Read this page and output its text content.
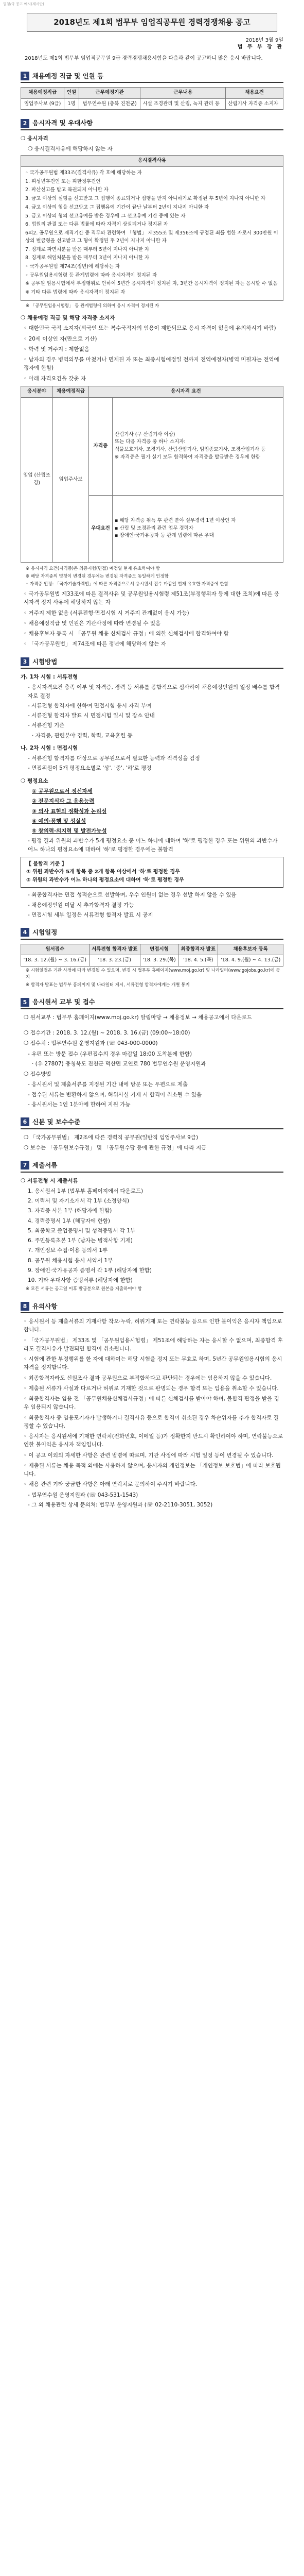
별첨/국 공고 예시(제시안)
2018년도 제1회 법무부 임업직공무원 경력경쟁채용 공고
2018년 3월 9일
법 무 부 장 관

2018년도 제1회 법무부 임업직공무원 9급 경력경쟁채용시험을 다음과 같이 공고하니 많은 응시 바랍니다.

1 채용예정 직급 및 인원 등
채용예정직급	인원	근무예정기관	근무내용	채용요건
임업주사보 (9급)	1명	법무연수원 (충북 진천군)	시설 조경관리 및 산림, 녹지 관리 등	산림기사 자격증 소지자
2 응시자격 및 우대사항
❍ 응시자격
❍ 응시결격사유에 해당하지 않는 자
응시결격사유

◦ 국가공무원법 제33조(결격사유) 각 호에 해당하는 자

1. 피성년후견인 또는 피한정후견인

2. 파산선고를 받고 복권되지 아니한 자

3. 금고 이상의 실형을 선고받고 그 집행이 종료되거나 집행을 받지 아니하기로 확정된 후 5년이 지나지 아니한 자

4. 금고 이상의 형을 선고받고 그 집행유예 기간이 끝난 날부터 2년이 지나지 아니한 자

5. 금고 이상의 형의 선고유예를 받은 경우에 그 선고유예 기간 중에 있는 자

6. 법원의 판결 또는 다른 법률에 따라 자격이 상실되거나 정지된 자

6의2. 공무원으로 재직기간 중 직무와 관련하여 「형법」 제355조 및 제356조에 규정된 죄를 범한 자로서 300만원 이상의 벌금형을 선고받고 그 형이 확정된 후 2년이 지나지 아니한 자

7. 징계로 파면처분을 받은 때부터 5년이 지나지 아니한 자

8. 징계로 해임처분을 받은 때부터 3년이 지나지 아니한 자

◦ 국가공무원법 제74조(정년)에 해당하는 자

◦ 공무원임용시험령 등 관계법령에 따라 응시자격이 정지된 자

※ 공무원 임용시험에서 부정행위로 인하여 5년간 응시자격이 정지된 자, 3년간 응시자격이 정지된 자는 응시할 수 없음

※ 기타 다른 법령에 따라 응시자격이 정지된 자

※ 「공무원임용시험령」 등 관계법령에 의하여 응시 자격이 정지된 자
❍ 채용예정 직급 및 해당 자격증 소지자
◦ 대한민국 국적 소지자(외국인 또는 복수국적자의 임용이 제한되므로 응시 자격이 없음에 유의하시기 바람)
◦ 20세 이상인 자(만으로 기산)
◦ 학력 및 거주지 : 제한없음
◦ 남자의 경우 병역의무를 마쳤거나 면제된 자 또는 최종시험예정일 전까지 전역예정자(병역 미필자는 전역예정자에 한함)
◦ 아래 자격요건을 갖춘 자
응시분야	채용예정직급	응시자격 요건	
임업 (산림조경)	임업주사보	자격증	산림기사 (구 산림기사 이상)
또는 다음 자격증 중 하나 소지자:
식물보호기사, 조경기사, 산림산업기사, 임업종묘기사, 조경산업기사 등
※ 자격증은 필기·실기 모두 합격하여 자격증을 발급받은 경우에 한함
		우대요건	▪ 해당 자격증 취득 후 관련 분야 실무경력 1년 이상인 자
▪ 산림 및 조경관리 관련 업무 경력자
▪ 장애인·국가유공자 등 관계 법령에 따른 우대
※ 응시자격 요건(자격증)은 최종시험(면접) 예정일 현재 유효하여야 함
※ 해당 자격증의 명칭이 변경된 경우에는 변경된 자격증도 동일하게 인정함
◦ 자격증 인정: 「국가기술자격법」에 따른 자격증으로서 응시원서 접수 마감일 현재 유효한 자격증에 한함
◦ 국가공무원법 제33조에 따른 결격사유 및 공무원임용시험령 제51조(부정행위자 등에 대한 조치)에 따른 응시자격 정지 사유에 해당하지 않는 자
◦ 거주지 제한 없음 (서류전형·면접시험 시 거주지 관계없이 응시 가능)
◦ 채용예정직급 및 인원은 기관사정에 따라 변경될 수 있음
◦ 채용후보자 등록 시 「공무원 채용 신체검사 규정」에 의한 신체검사에 합격하여야 함
◦ 「국가공무원법」 제74조에 따른 정년에 해당하지 않는 자
3 시험방법
가. 1차 시험 : 서류전형
- 응시자격요건 충족 여부 및 자격증, 경력 등 서류를 종합적으로 심사하여 채용예정인원의 일정 배수를 합격자로 결정
- 서류전형 합격자에 한하여 면접시험 응시 자격 부여
- 서류전형 합격자 발표 시 면접시험 일시 및 장소 안내
- 서류전형 기준
· 자격증, 관련분야 경력, 학력, 교육훈련 등
나. 2차 시험 : 면접시험
- 서류전형 합격자를 대상으로 공무원으로서 필요한 능력과 적격성을 검정
- 면접위원이 5개 평정요소별로 '상', '중', '하'로 평정
❍ 평정요소
① 공무원으로서 정신자세
② 전문지식과 그 응용능력
③ 의사 표현의 정확성과 논리성
④ 예의·품행 및 성실성
⑤ 창의력·의지력 및 발전가능성
- 평정 결과 위원의 과반수가 5개 평정요소 중 어느 하나에 대하여 '하'로 평정한 경우 또는 위원의 과반수가 어느 하나의 평정요소에 대하여 '하'로 평정한 경우에는 불합격
【 불합격 기준 】
① 위원 과반수가 5개 항목 중 2개 항목 이상에서 '하'로 평정한 경우
② 위원의 과반수가 어느 하나의 평정요소에 대하여 '하'로 평정한 경우
- 최종합격자는 면접 성적순으로 선발하며, 우수 인원이 없는 경우 선발 하지 않을 수 있음
- 채용예정인원 미달 시 추가합격자 결정 가능
- 면접시험 세부 일정은 서류전형 합격자 발표 시 공지
4 시험일정
원서접수	서류전형 합격자 발표	면접시험	최종합격자 발표	채용후보자 등록
'18. 3. 12.(월) ~ 3. 16.(금)	'18. 3. 23.(금)	'18. 3. 29.(목)	'18. 4. 5.(목)	'18. 4. 9.(월) ~ 4. 13.(금)
※ 시험일정은 기관 사정에 따라 변경될 수 있으며, 변경 시 법무부 홈페이지(www.moj.go.kr) 및 나라일터(www.gojobs.go.kr)에 공지
※ 합격자 발표는 법무부 홈페이지 및 나라일터 게시, 서류전형 합격자에게는 개별 통지
5 응시원서 교부 및 접수
❍ 원서교부 : 법무부 홈페이지(www.moj.go.kr) 알림마당 → 채용정보 → 채용공고에서 다운로드
❍ 접수기간 : 2018. 3. 12.(월) ~ 2018. 3. 16.(금) (09:00~18:00)
❍ 접수처 : 법무연수원 운영지원과 (☏ 043-000-0000)
- 우편 또는 방문 접수 (우편접수의 경우 마감일 18:00 도착분에 한함)
· (우 27807) 충청북도 진천군 덕산면 교연로 780 법무연수원 운영지원과
❍ 접수방법
- 응시원서 및 제출서류를 지정된 기간 내에 방문 또는 우편으로 제출
- 접수된 서류는 반환하지 않으며, 허위사실 기재 시 합격이 취소될 수 있음
- 응시원서는 1인 1분야에 한하여 지원 가능
6 신분 및 보수수준
❍ 「국가공무원법」 제2조에 따른 경력직 공무원(일반직 임업주사보 9급)
❍ 보수는 「공무원보수규정」 및 「공무원수당 등에 관한 규정」에 따라 지급
7 제출서류
❍ 서류전형 시 제출서류
1. 응시원서 1부 (법무부 홈페이지에서 다운로드)
2. 이력서 및 자기소개서 각 1부 (소정양식)
3. 자격증 사본 1부 (해당자에 한함)
4. 경력증명서 1부 (해당자에 한함)
5. 최종학교 졸업증명서 및 성적증명서 각 1부
6. 주민등록초본 1부 (남자는 병적사항 기재)
7. 개인정보 수집·이용 동의서 1부
8. 공무원 채용시험 응시 서약서 1부
9. 장애인·국가유공자 증명서 각 1부 (해당자에 한함)
10. 기타 우대사항 증빙서류 (해당자에 한함)
※ 모든 서류는 공고일 이후 발급분으로 원본을 제출하여야 함
8 유의사항
◦ 응시원서 등 제출서류의 기재사항 착오·누락, 허위기재 또는 연락불능 등으로 인한 불이익은 응시자 책임으로 합니다.
◦ 「국가공무원법」 제33조 및 「공무원임용시험령」 제51조에 해당하는 자는 응시할 수 없으며, 최종합격 후라도 결격사유가 발견되면 합격이 취소됩니다.
◦ 시험에 관한 부정행위를 한 자에 대하여는 해당 시험을 정지 또는 무효로 하며, 5년간 공무원임용시험의 응시자격을 정지합니다.
◦ 최종합격자라도 신원조사 결과 공무원으로 부적합하다고 판단되는 경우에는 임용하지 않을 수 있습니다.
◦ 제출된 서류가 사실과 다르거나 허위로 기재한 것으로 판명되는 경우 합격 또는 임용을 취소할 수 있습니다.
◦ 최종합격자는 임용 전 「공무원채용신체검사규정」에 따른 신체검사를 받아야 하며, 불합격 판정을 받을 경우 임용되지 않습니다.
◦ 최종합격자 중 임용포기자가 발생하거나 결격사유 등으로 합격이 취소된 경우 차순위자를 추가 합격자로 결정할 수 있습니다.
◦ 응시자는 응시원서에 기재한 연락처(전화번호, 이메일 등)가 정확한지 반드시 확인하여야 하며, 연락불능으로 인한 불이익은 응시자 책임입니다.
◦ 이 공고 이외의 자세한 사항은 관련 법령에 따르며, 기관 사정에 따라 시험 일정 등이 변경될 수 있습니다.
◦ 제출된 서류는 채용 목적 외에는 사용하지 않으며, 응시자의 개인정보는 「개인정보 보호법」에 따라 보호됩니다.
◦ 채용 관련 기타 궁금한 사항은 아래 연락처로 문의하여 주시기 바랍니다.
- 법무연수원 운영지원과 (☏ 043-531-1543)
- 그 외 채용관련 상세 문의처: 법무부 운영지원과 (☏ 02-2110-3051, 3052)
